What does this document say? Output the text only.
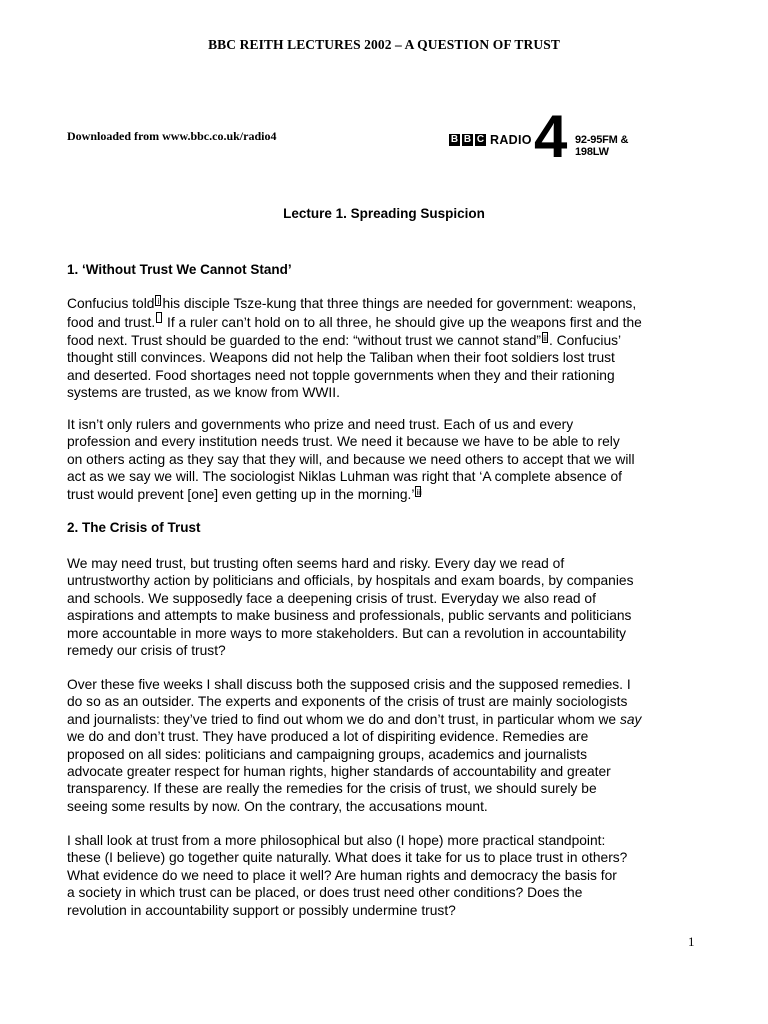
BBC REITH LECTURES 2002 – A QUESTION OF TRUST
Downloaded from www.bbc.co.uk/radio4	B B C RADIO 4 92-95FM & 198LW
Lecture 1. Spreading Suspicion
1. ‘Without Trust We Cannot Stand’
Confucius told i his disciple Tsze-kung that three things are needed for government: weapons,
food and trust. If a ruler can’t hold on to all three, he should give up the weapons first and the
food next. Trust should be guarded to the end: “without trust we cannot stand” ii . Confucius’
thought still convinces. Weapons did not help the Taliban when their foot soldiers lost trust
and deserted. Food shortages need not topple governments when they and their rationing
systems are trusted, as we know from WWII.
It isn’t only rulers and governments who prize and need trust. Each of us and every
profession and every institution needs trust. We need it because we have to be able to rely
on others acting as they say that they will, and because we need others to accept that we will
act as we say we will. The sociologist Niklas Luhman was right that ‘A complete absence of
trust would prevent [one] even getting up in the morning.’ iii
2. The Crisis of Trust
We may need trust, but trusting often seems hard and risky. Every day we read of
untrustworthy action by politicians and officials, by hospitals and exam boards, by companies
and schools. We supposedly face a deepening crisis of trust. Everyday we also read of
aspirations and attempts to make business and professionals, public servants and politicians
more accountable in more ways to more stakeholders. But can a revolution in accountability
remedy our crisis of trust?
Over these five weeks I shall discuss both the supposed crisis and the supposed remedies. I
do so as an outsider. The experts and exponents of the crisis of trust are mainly sociologists
and journalists: they’ve tried to find out whom we do and don’t trust, in particular whom we say
we do and don’t trust. They have produced a lot of dispiriting evidence. Remedies are
proposed on all sides: politicians and campaigning groups, academics and journalists
advocate greater respect for human rights, higher standards of accountability and greater
transparency. If these are really the remedies for the crisis of trust, we should surely be
seeing some results by now. On the contrary, the accusations mount.
I shall look at trust from a more philosophical but also (I hope) more practical standpoint:
these (I believe) go together quite naturally. What does it take for us to place trust in others?
What evidence do we need to place it well? Are human rights and democracy the basis for
a society in which trust can be placed, or does trust need other conditions? Does the
revolution in accountability support or possibly undermine trust?
1
